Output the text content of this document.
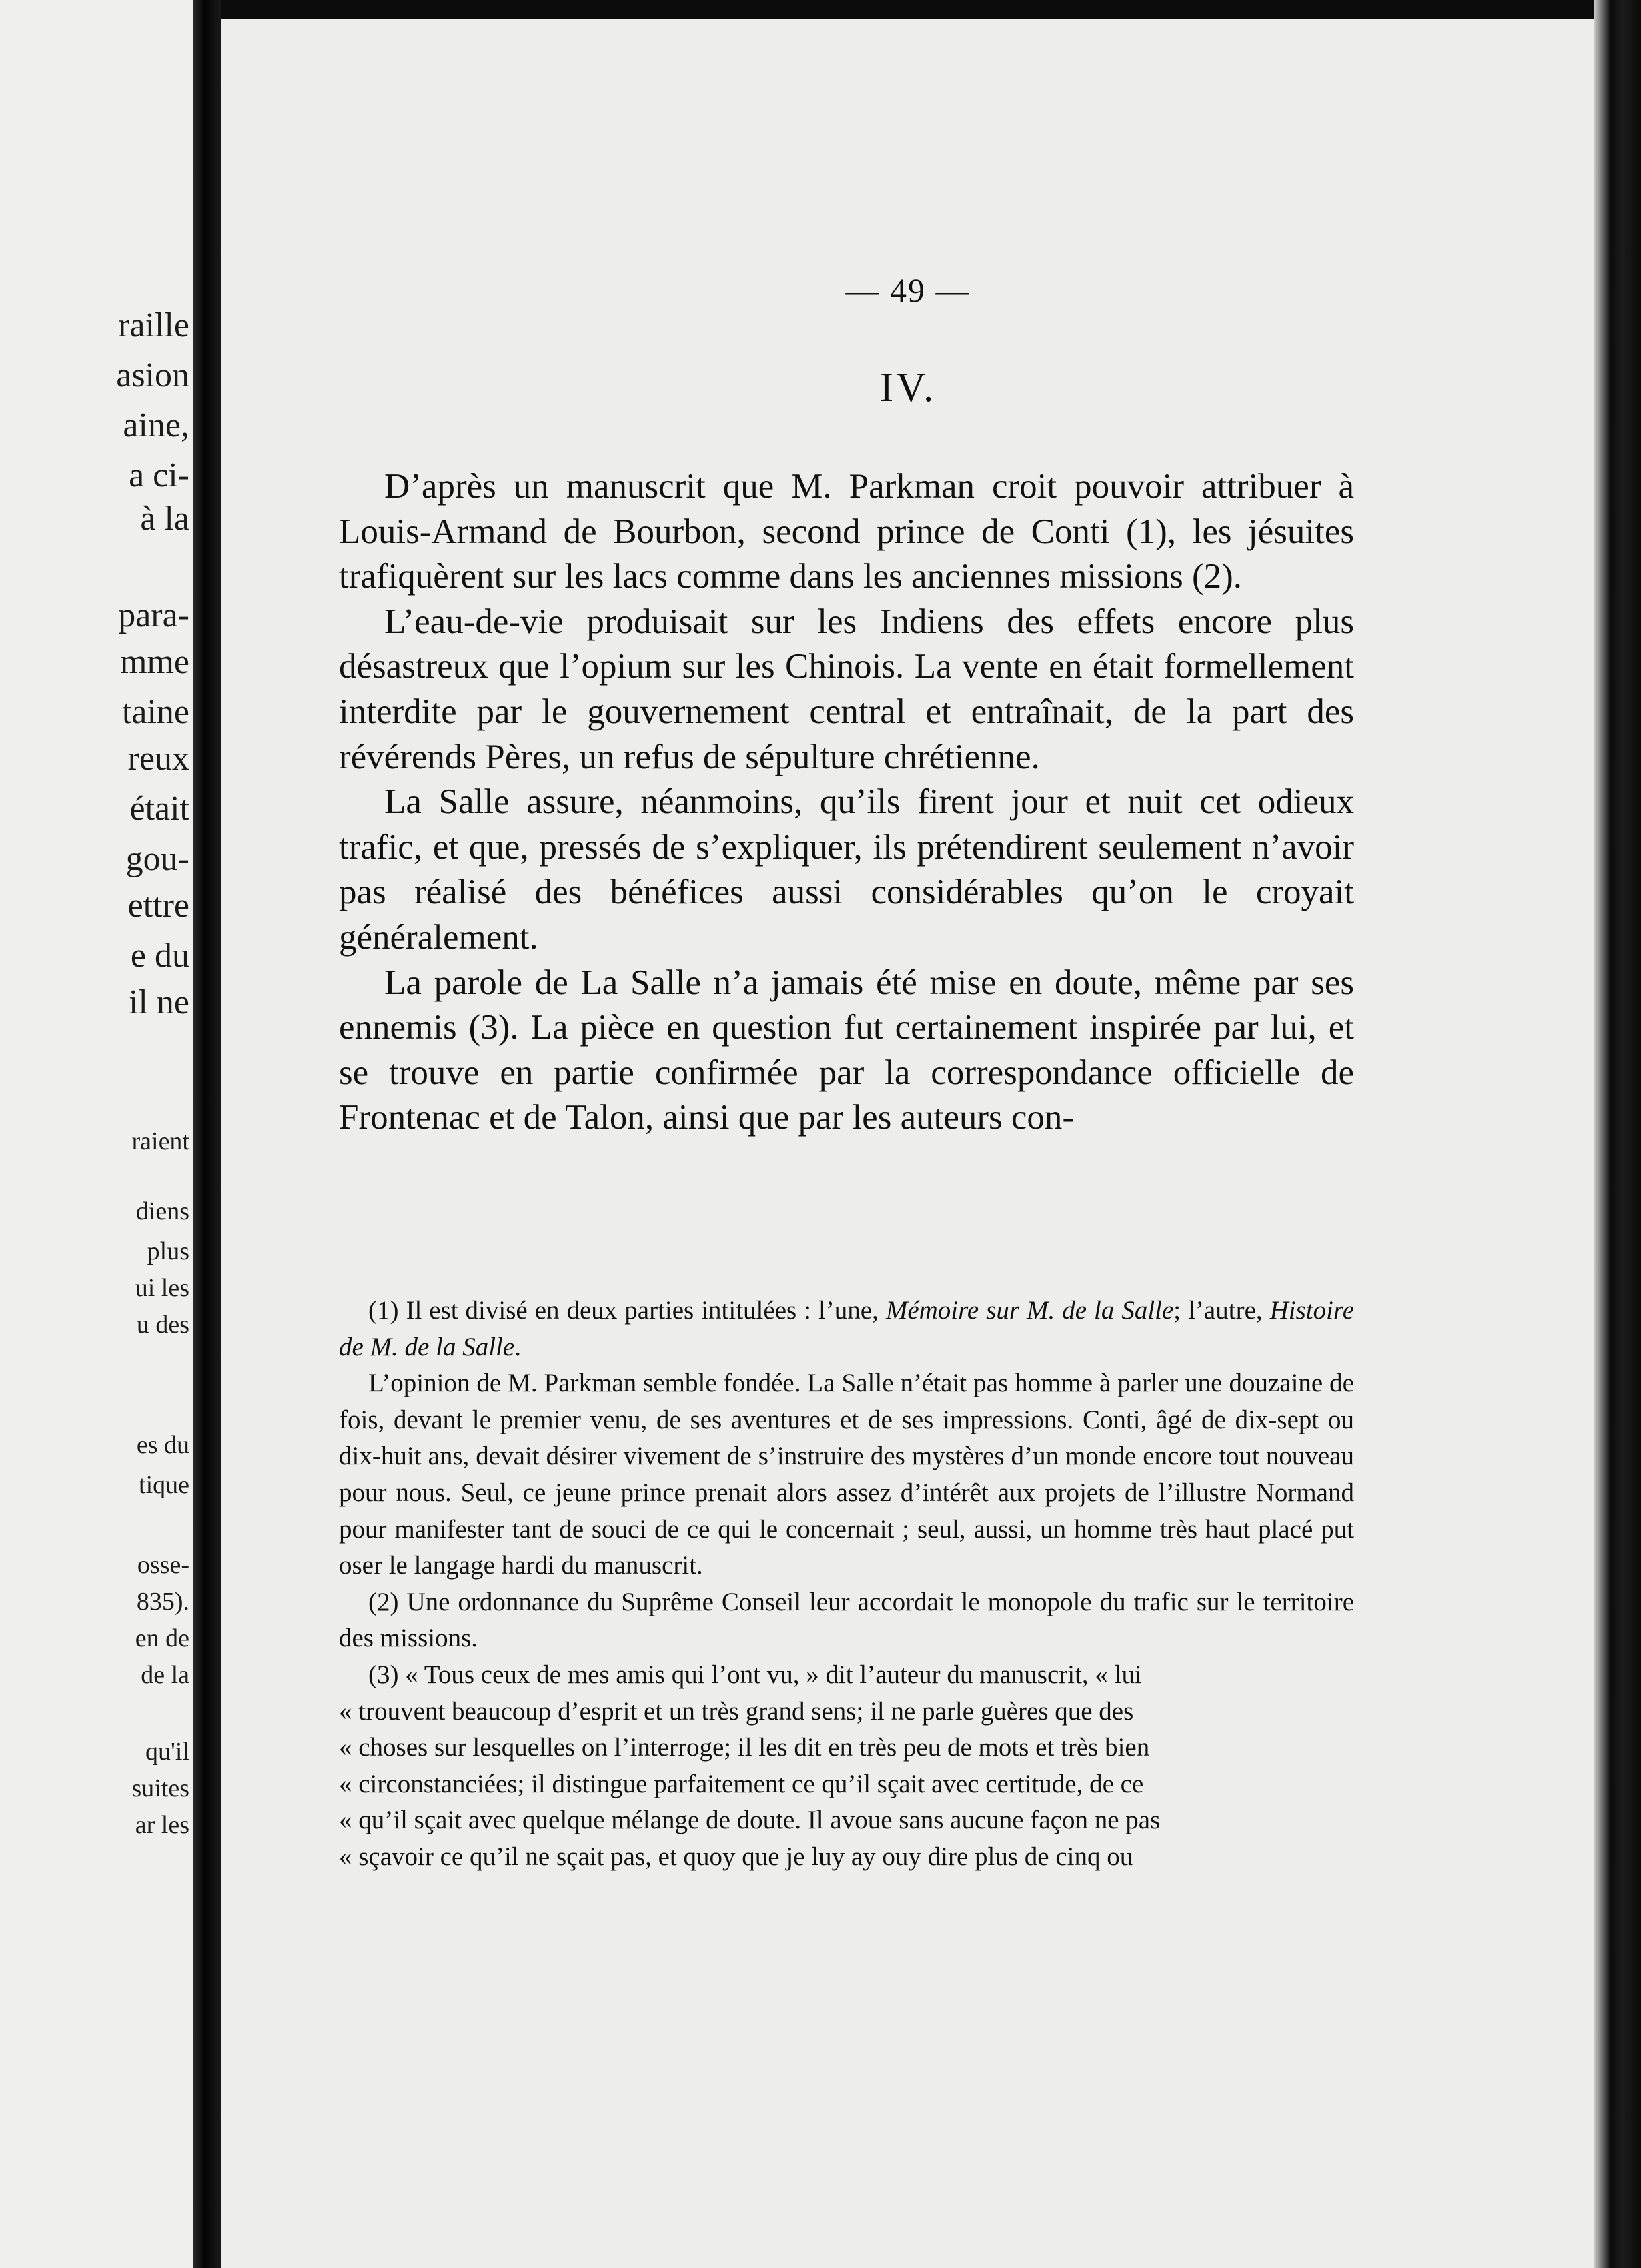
raille
asion
aine,
a ci-
à la
para-
mme
taine
reux
était
gou-
ettre
e du
il ne
raient
diens
plus
ui les
u des
es du
tique
osse-
835).
en de
de la
qu'il
suites
ar les
— 49 —
IV.

D’après un manuscrit que M. Parkman croit pouvoir attribuer à Louis-Armand de Bourbon, second prince de Conti (1), les jésuites trafiquèrent sur les lacs comme dans les anciennes missions (2).

L’eau-de-vie produisait sur les Indiens des effets encore plus désastreux que l’opium sur les Chinois. La vente en était formellement interdite par le gouvernement central et entraînait, de la part des révérends Pères, un refus de sépulture chrétienne.

La Salle assure, néanmoins, qu’ils firent jour et nuit cet odieux trafic, et que, pressés de s’expliquer, ils prétendirent seulement n’avoir pas réalisé des bénéfices aussi considérables qu’on le croyait généralement.

La parole de La Salle n’a jamais été mise en doute, même par ses ennemis (3). La pièce en question fut certainement inspirée par lui, et se trouve en partie confirmée par la correspondance officielle de Frontenac et de Talon, ainsi que par les auteurs con-

(1) Il est divisé en deux parties intitulées : l’une, Mémoire sur M. de la Salle; l’autre, Histoire de M. de la Salle.

L’opinion de M. Parkman semble fondée. La Salle n’était pas homme à parler une douzaine de fois, devant le premier venu, de ses aventures et de ses impressions. Conti, âgé de dix-sept ou dix-huit ans, devait désirer vivement de s’instruire des mystères d’un monde encore tout nouveau pour nous. Seul, ce jeune prince prenait alors assez d’intérêt aux projets de l’illustre Normand pour manifester tant de souci de ce qui le concernait ; seul, aussi, un homme très haut placé put oser le langage hardi du manuscrit.

(2) Une ordonnance du Suprême Conseil leur accordait le monopole du trafic sur le territoire des missions.

(3) « Tous ceux de mes amis qui l’ont vu, » dit l’auteur du manuscrit, « lui

« trouvent beaucoup d’esprit et un très grand sens; il ne parle guères que des

« choses sur lesquelles on l’interroge; il les dit en très peu de mots et très bien

« circonstanciées; il distingue parfaitement ce qu’il sçait avec certitude, de ce

« qu’il sçait avec quelque mélange de doute. Il avoue sans aucune façon ne pas

« sçavoir ce qu’il ne sçait pas, et quoy que je luy ay ouy dire plus de cinq ou
